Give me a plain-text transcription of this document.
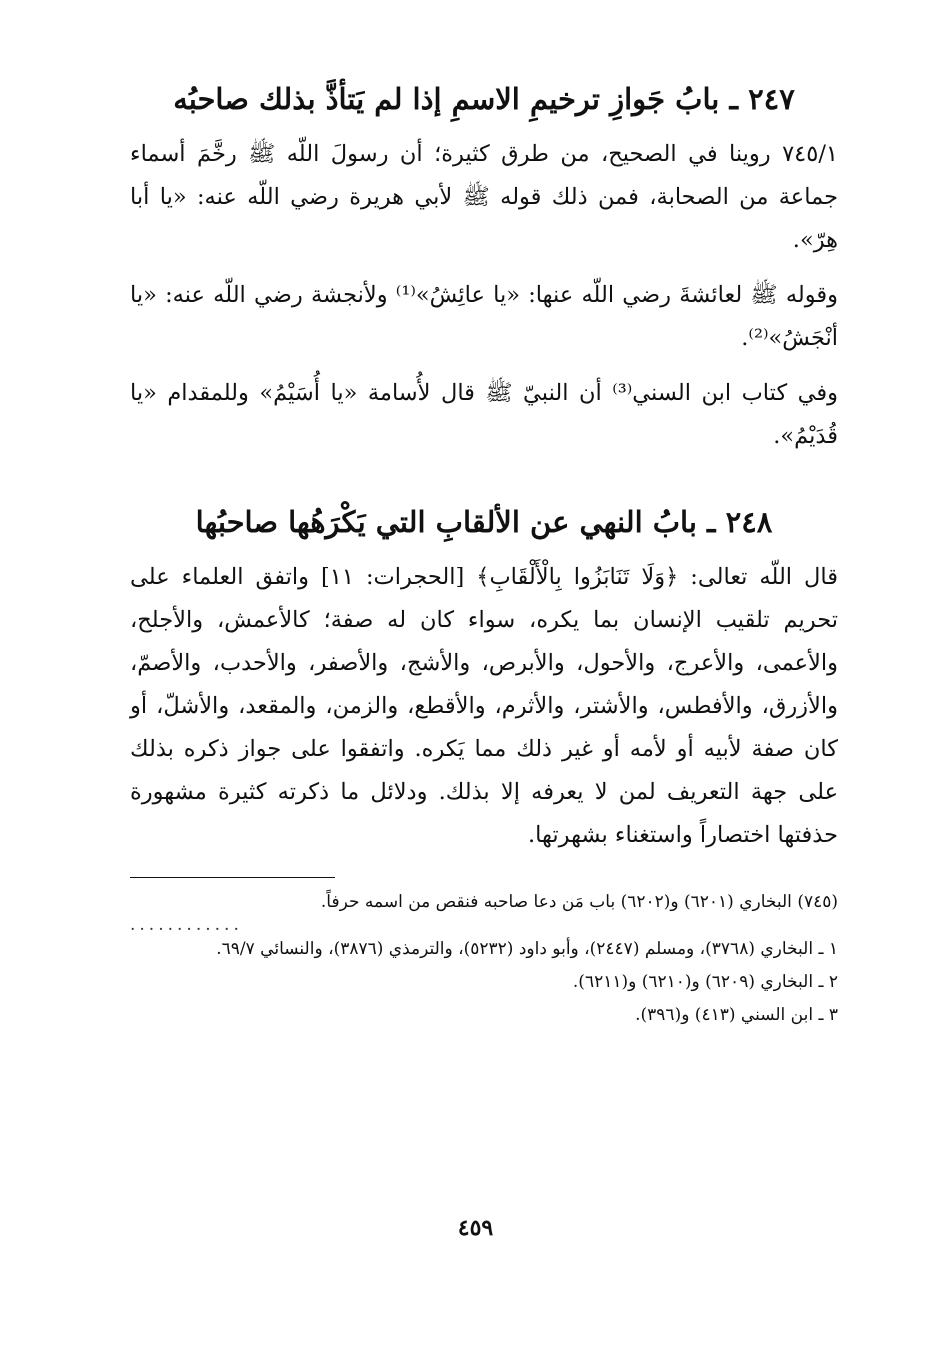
٢٤٧ ـ بابُ جَوازِ ترخيمِ الاسمِ إذا لم يَتأذَّ بذلك صاحبُه

٧٤٥/١ روينا في الصحيح، من طرق كثيرة؛ أن رسولَ اللّه ﷺ رخَّمَ أسماء جماعة من الصحابة، فمن ذلك قوله ﷺ لأبي هريرة رضي اللّه عنه: «يا أبا هِرّ».

وقوله ﷺ لعائشةَ رضي اللّه عنها: «يا عائِشُ»⁽¹⁾ ولأنجشة رضي اللّه عنه: «يا أنْجَشُ»⁽²⁾.

وفي كتاب ابن السني⁽³⁾ أن النبيّ ﷺ قال لأُسامة «يا أُسَيْمُ» وللمقدام «يا قُدَيْمُ».

٢٤٨ ـ بابُ النهي عن الألقابِ التي يَكْرَهُها صاحبُها

قال اللّه تعالى: ﴿وَلَا تَنَابَزُوا بِالْأَلْقَابِ﴾ [الحجرات: ١١] واتفق العلماء على تحريم تلقيب الإنسان بما يكره، سواء كان له صفة؛ كالأعمش، والأجلح، والأعمى، والأعرج، والأحول، والأبرص، والأشج، والأصفر، والأحدب، والأصمّ، والأزرق، والأفطس، والأشتر، والأثرم، والأقطع، والزمن، والمقعد، والأشلّ، أو كان صفة لأبيه أو لأمه أو غير ذلك مما يَكره. واتفقوا على جواز ذكره بذلك على جهة التعريف لمن لا يعرفه إلا بذلك. ودلائل ما ذكرته كثيرة مشهورة حذفتها اختصاراً واستغناء بشهرتها.

(٧٤٥) البخاري (٦٢٠١) و(٦٢٠٢) باب مَن دعا صاحبه فنقص من اسمه حرفاً.

............

١ ـ البخاري (٣٧٦٨)، ومسلم (٢٤٤٧)، وأبو داود (٥٢٣٢)، والترمذي (٣٨٧٦)، والنسائي ٦٩/٧.

٢ ـ البخاري (٦٢٠٩) و(٦٢١٠) و(٦٢١١).

٣ ـ ابن السني (٤١٣) و(٣٩٦).

٤٥٩
